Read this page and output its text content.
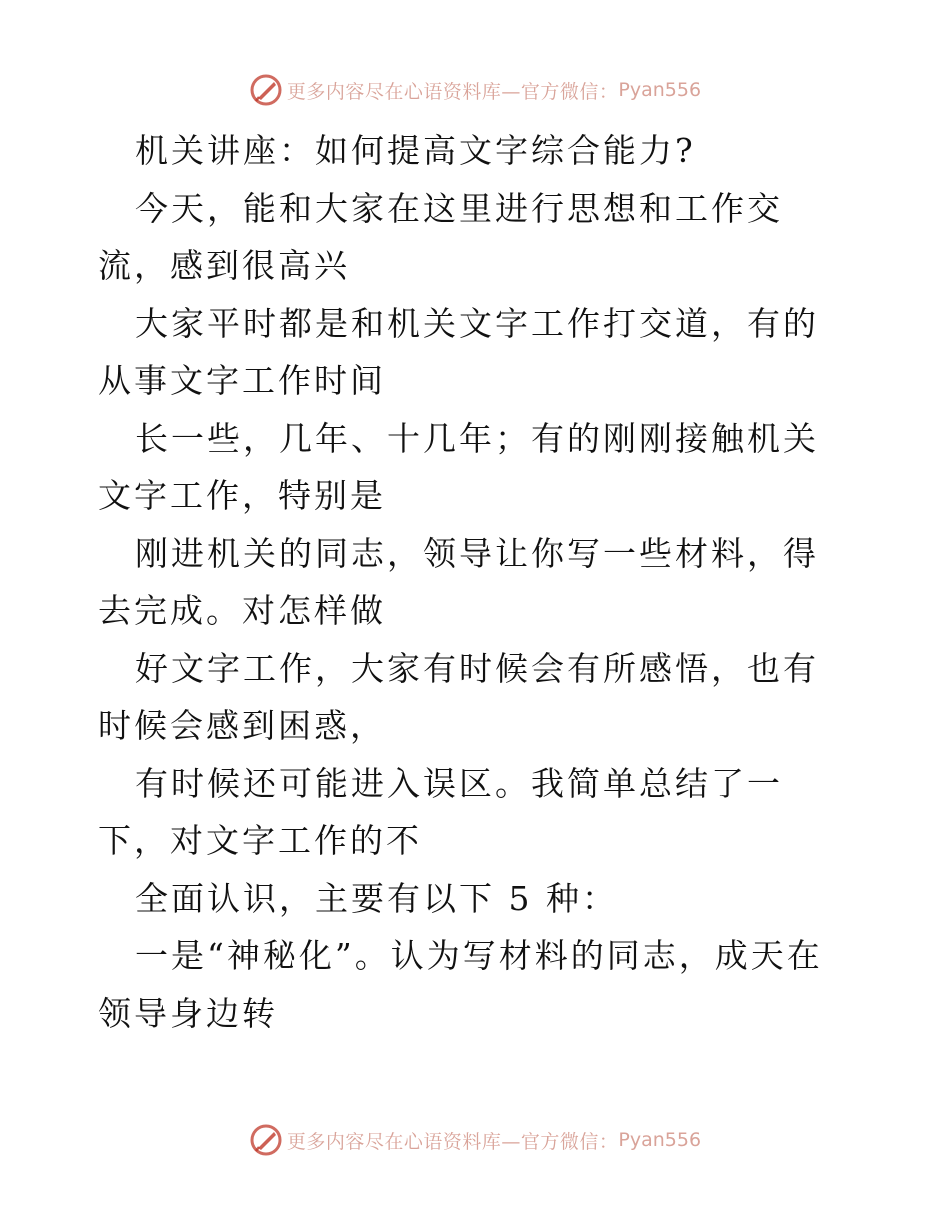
更多内容尽在心语资料库—官方微信： Pyan556

机关讲座：如何提高文字综合能力?

今天，能和大家在这里进行思想和工作交流，感到很高兴

大家平时都是和机关文字工作打交道，有的从事文字工作时间

长一些，几年、十几年；有的刚刚接触机关文字工作，特别是

刚进机关的同志，领导让你写一些材料，得去完成。对怎样做

好文字工作，大家有时候会有所感悟，也有时候会感到困惑，

有时候还可能进入误区。我简单总结了一下，对文字工作的不

全面认识，主要有以下 5 种：

一是“神秘化”。认为写材料的同志，成天在领导身边转

更多内容尽在心语资料库—官方微信： Pyan556
